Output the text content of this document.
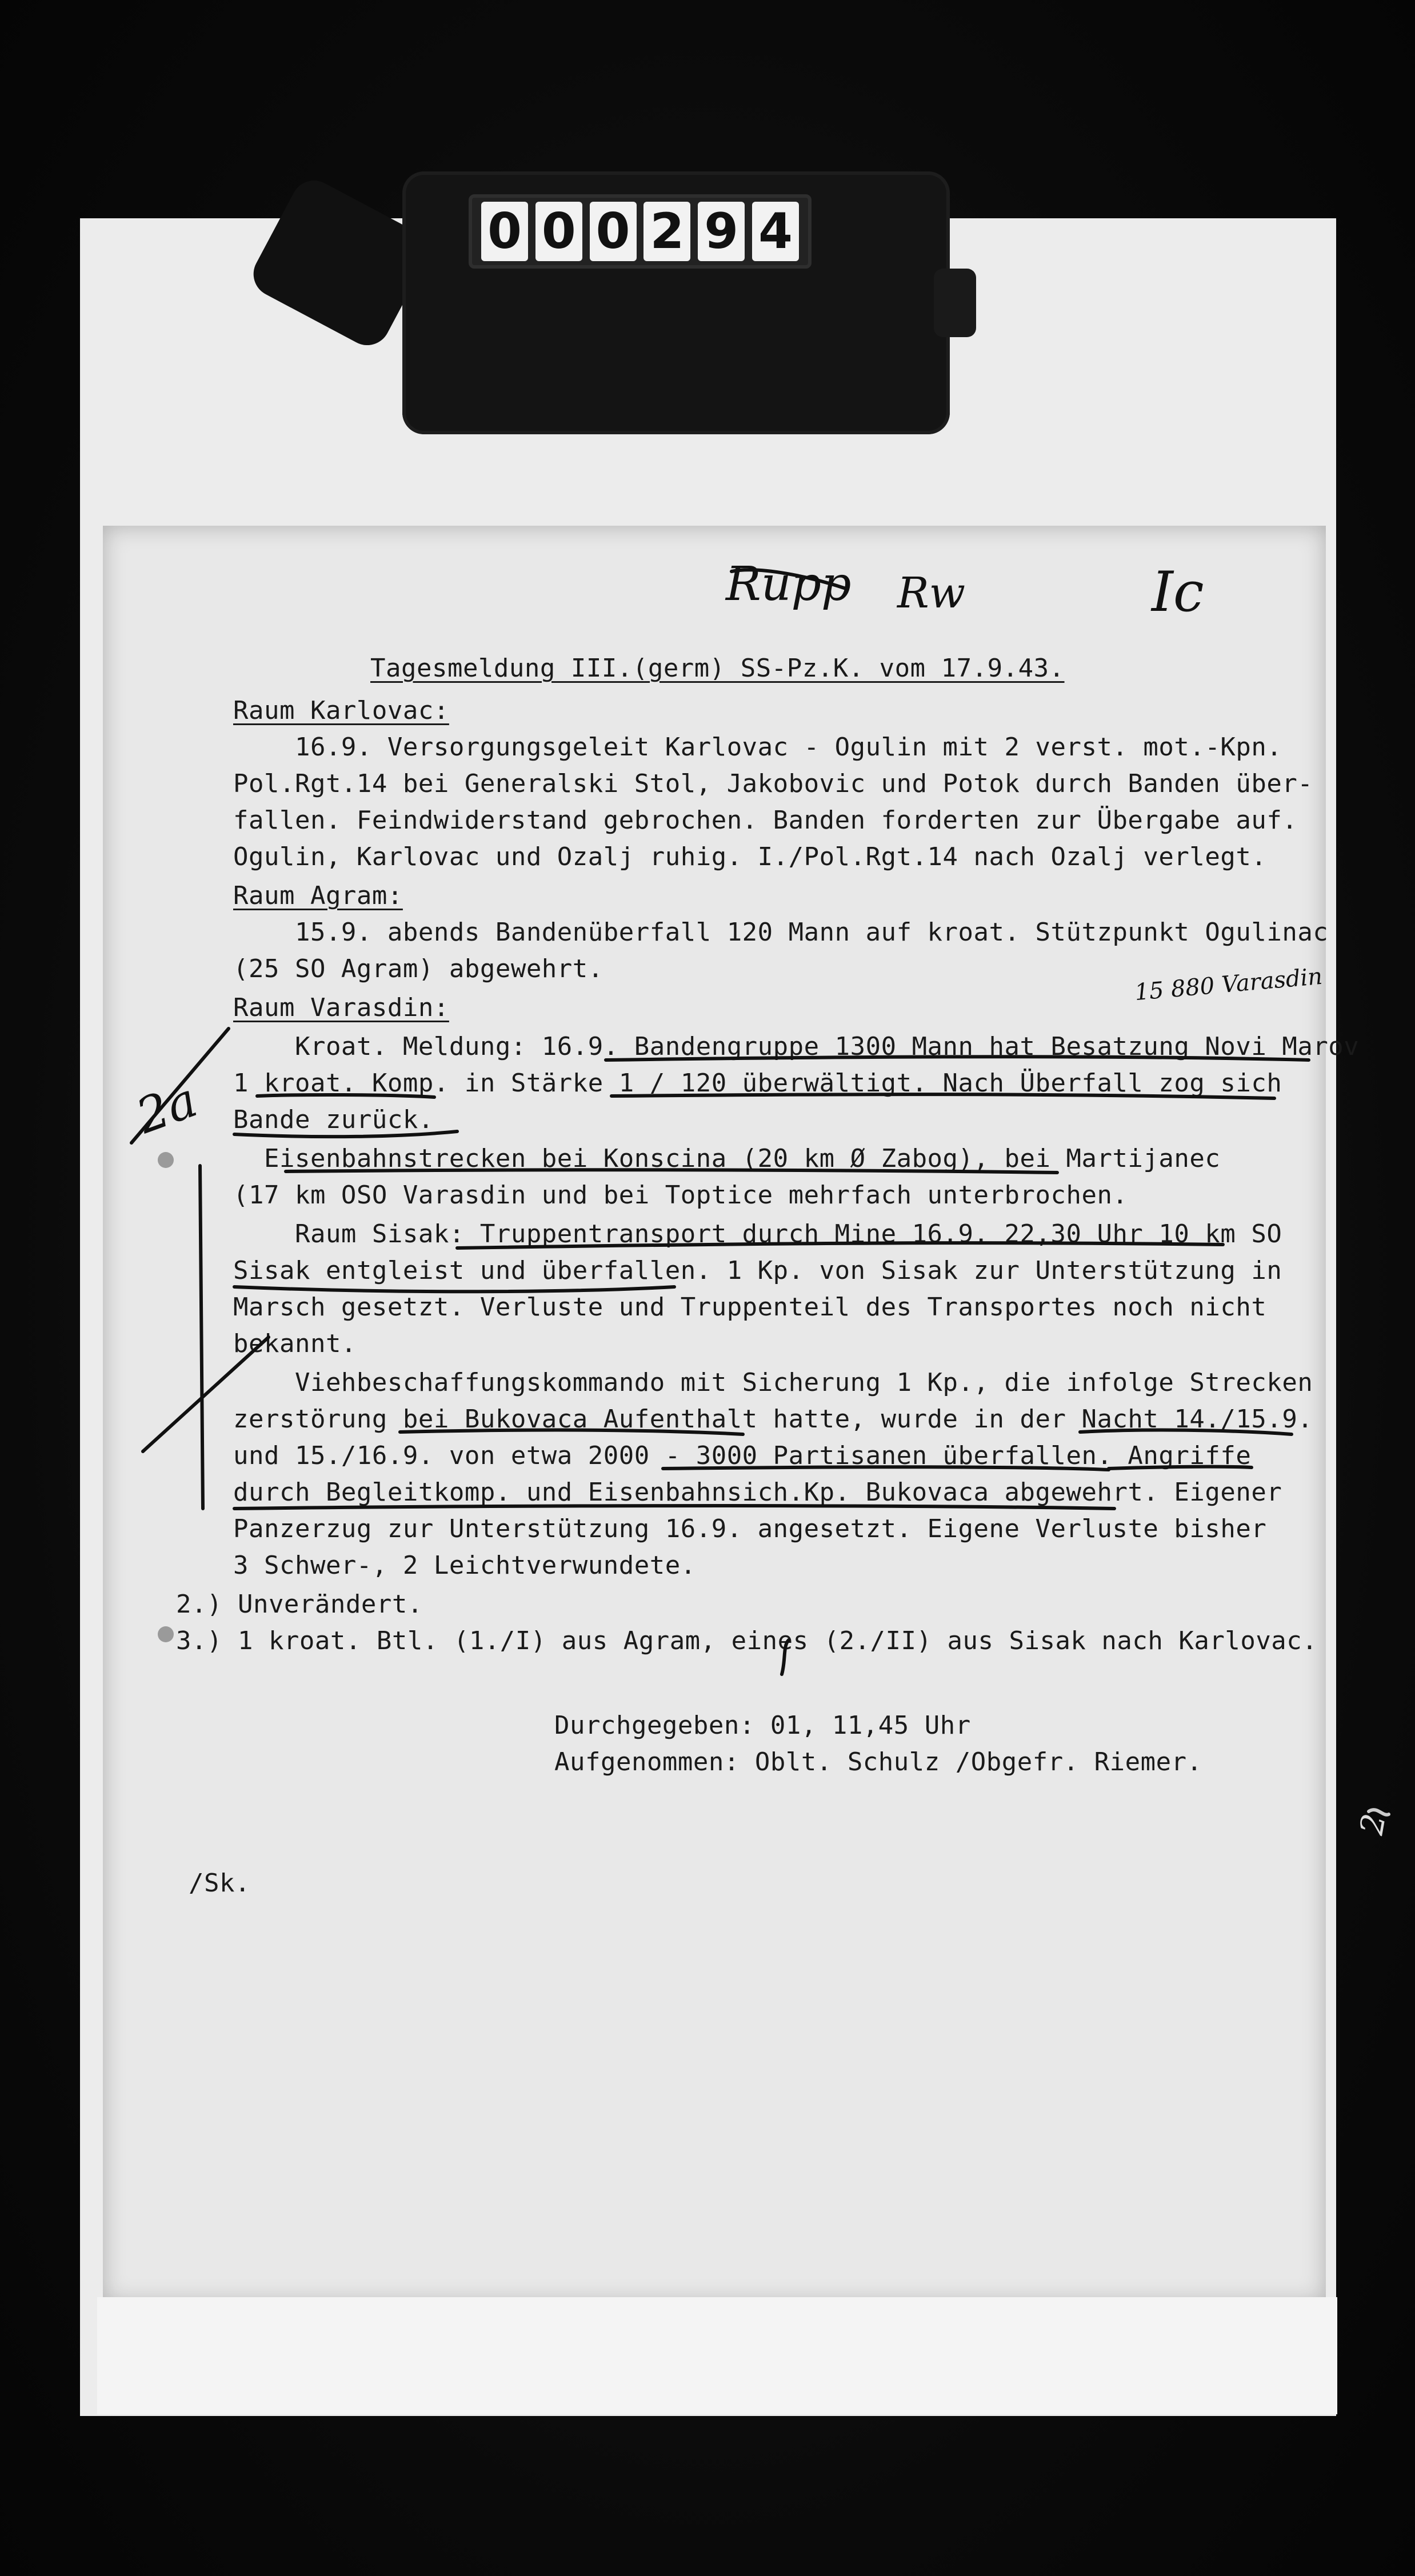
0 0 0 2 9 4
Rupp Rw	Ic
15 880 Varasdin
2a
2
Tagesmeldung III.(germ) SS-Pz.K. vom 17.9.43.
Raum Karlovac:
16.9. Versorgungsgeleit Karlovac - Ogulin mit 2 verst. mot.-Kpn.
Pol.Rgt.14 bei Generalski Stol, Jakobovic und Potok durch Banden über-
fallen. Feindwiderstand gebrochen. Banden forderten zur Übergabe auf.
Ogulin, Karlovac und Ozalj ruhig. I./Pol.Rgt.14 nach Ozalj verlegt.
Raum Agram:
15.9. abends Bandenüberfall 120 Mann auf kroat. Stützpunkt Ogulinac
(25 SO Agram) abgewehrt.
Raum Varasdin:
Kroat. Meldung: 16.9. Bandengruppe 1300 Mann hat Besatzung Novi Marov
1 kroat. Komp. in Stärke 1 / 120 überwältigt. Nach Überfall zog sich
Bande zurück.
Eisenbahnstrecken bei Konscina (20 km Ø Zabog), bei Martijanec
(17 km OSO Varasdin und bei Toptice mehrfach unterbrochen.
Raum Sisak: Truppentransport durch Mine 16.9. 22,30 Uhr 10 km SO
Sisak entgleist und überfallen. 1 Kp. von Sisak zur Unterstützung in
Marsch gesetzt. Verluste und Truppenteil des Transportes noch nicht
bekannt.
Viehbeschaffungskommando mit Sicherung 1 Kp., die infolge Strecken
zerstörung bei Bukovaca Aufenthalt hatte, wurde in der Nacht 14./15.9.
und 15./16.9. von etwa 2000 - 3000 Partisanen überfallen. Angriffe
durch Begleitkomp. und Eisenbahnsich.Kp. Bukovaca abgewehrt. Eigener
Panzerzug zur Unterstützung 16.9. angesetzt. Eigene Verluste bisher
3 Schwer-, 2 Leichtverwundete.
2.) Unverändert.
3.) 1 kroat. Btl. (1./I) aus Agram, eines (2./II) aus Sisak nach Karlovac.
Durchgegeben: 01, 11,45 Uhr
Aufgenommen: Oblt. Schulz /Obgefr. Riemer.
/Sk.
